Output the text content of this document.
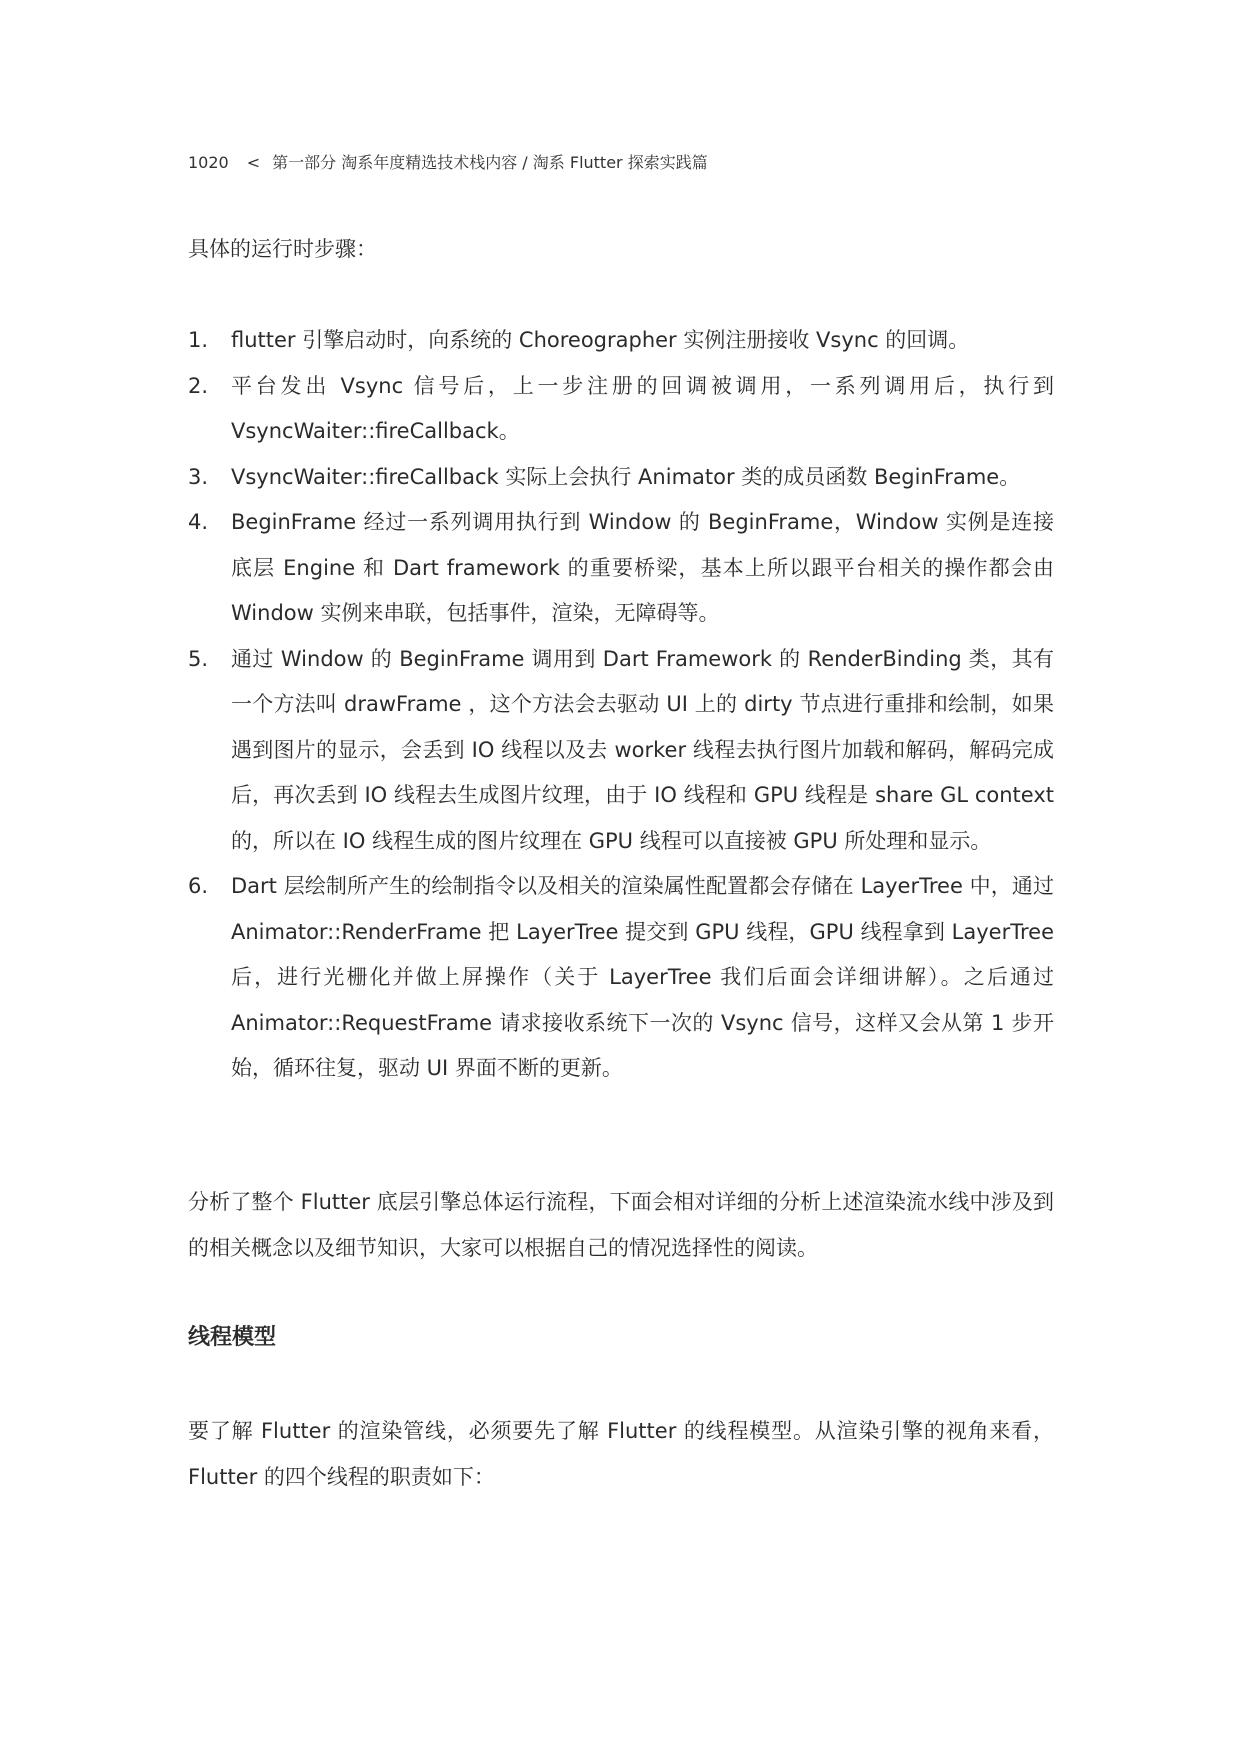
1020 < 第一部分 淘系年度精选技术栈内容 / 淘系 Flutter 探索实践篇
具体的运行时步骤：
1. flutter 引擎启动时，向系统的 Choreographer 实例注册接收 Vsync 的回调。
2. 平台发出 Vsync 信号后，上一步注册的回调被调用，一系列调用后，执行到 VsyncWaiter::fireCallback。
3. VsyncWaiter::fireCallback 实际上会执行 Animator 类的成员函数 BeginFrame。
4. BeginFrame 经过一系列调用执行到 Window 的 BeginFrame，Window 实例是连接底层 Engine 和 Dart framework 的重要桥梁，基本上所以跟平台相关的操作都会由 Window 实例来串联，包括事件，渲染，无障碍等。
5. 通过 Window 的 BeginFrame 调用到 Dart Framework 的 RenderBinding 类，其有一个方法叫 drawFrame ，这个方法会去驱动 UI 上的 dirty 节点进行重排和绘制，如果遇到图片的显示，会丢到 IO 线程以及去 worker 线程去执行图片加载和解码，解码完成后，再次丢到 IO 线程去生成图片纹理，由于 IO 线程和 GPU 线程是 share GL context 的，所以在 IO 线程生成的图片纹理在 GPU 线程可以直接被 GPU 所处理和显示。
6. Dart 层绘制所产生的绘制指令以及相关的渲染属性配置都会存储在 LayerTree 中，通过 Animator::RenderFrame 把 LayerTree 提交到 GPU 线程，GPU 线程拿到 LayerTree 后，进行光栅化并做上屏操作（关于 LayerTree 我们后面会详细讲解）。之后通过 Animator::RequestFrame 请求接收系统下一次的 Vsync 信号，这样又会从第 1 步开始，循环往复，驱动 UI 界面不断的更新。

分析了整个 Flutter 底层引擎总体运行流程，下面会相对详细的分析上述渲染流水线中涉及到的相关概念以及细节知识，大家可以根据自己的情况选择性的阅读。

线程模型

要了解 Flutter 的渲染管线，必须要先了解 Flutter 的线程模型。从渲染引擎的视角来看，Flutter 的四个线程的职责如下：
